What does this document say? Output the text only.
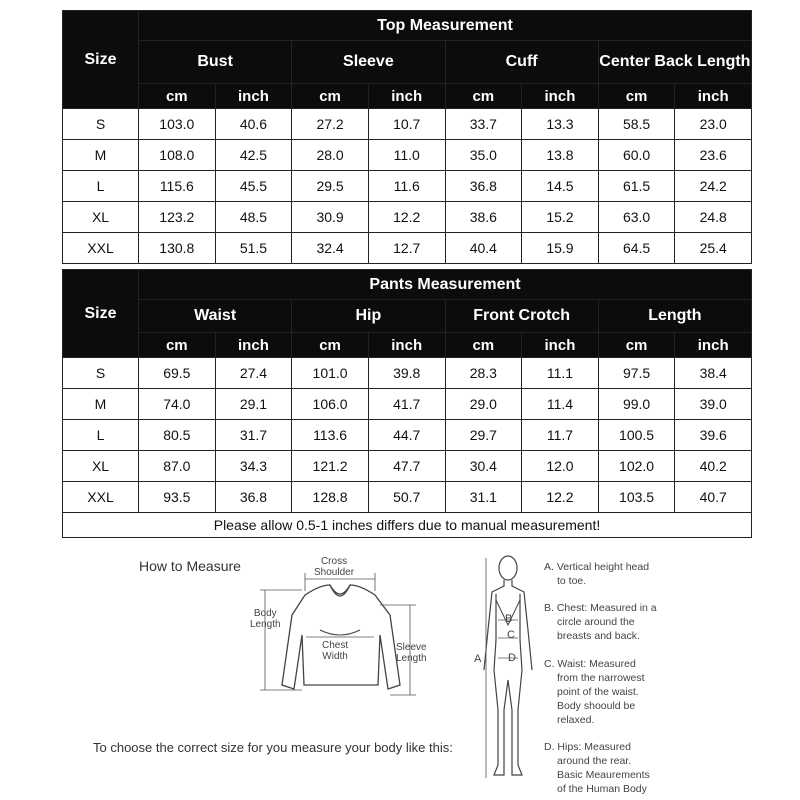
Size	Top Measurement							
	Bust		Sleeve		Cuff		Center Back Length	
	cm	inch	cm	inch	cm	inch	cm	inch
S	103.0	40.6	27.2	10.7	33.7	13.3	58.5	23.0
M	108.0	42.5	28.0	11.0	35.0	13.8	60.0	23.6
L	115.6	45.5	29.5	11.6	36.8	14.5	61.5	24.2
XL	123.2	48.5	30.9	12.2	38.6	15.2	63.0	24.8
XXL	130.8	51.5	32.4	12.7	40.4	15.9	64.5	25.4
Size	Pants Measurement							
	Waist		Hip		Front Crotch		Length	
	cm	inch	cm	inch	cm	inch	cm	inch
S	69.5	27.4	101.0	39.8	28.3	11.1	97.5	38.4
M	74.0	29.1	106.0	41.7	29.0	11.4	99.0	39.0
L	80.5	31.7	113.6	44.7	29.7	11.7	100.5	39.6
XL	87.0	34.3	121.2	47.7	30.4	12.0	102.0	40.2
XXL	93.5	36.8	128.8	50.7	31.1	12.2	103.5	40.7
Please allow 0.5-1 inches differs due to manual measurement!								
How to Measure	Cross
Shoulder
Body
Length
Chest
Width
Sleeve
Length
To choose the correct size for you measure your body like this:
A
B
C
D
A. Vertical height head
to toe.
B. Chest: Measured in a
circle around the
breasts and back.
C. Waist: Measured
from the narrowest
point of the waist.
Body shoould be
relaxed.
D. Hips: Measured
around the rear.
Basic Meaurements
of the Human Body
